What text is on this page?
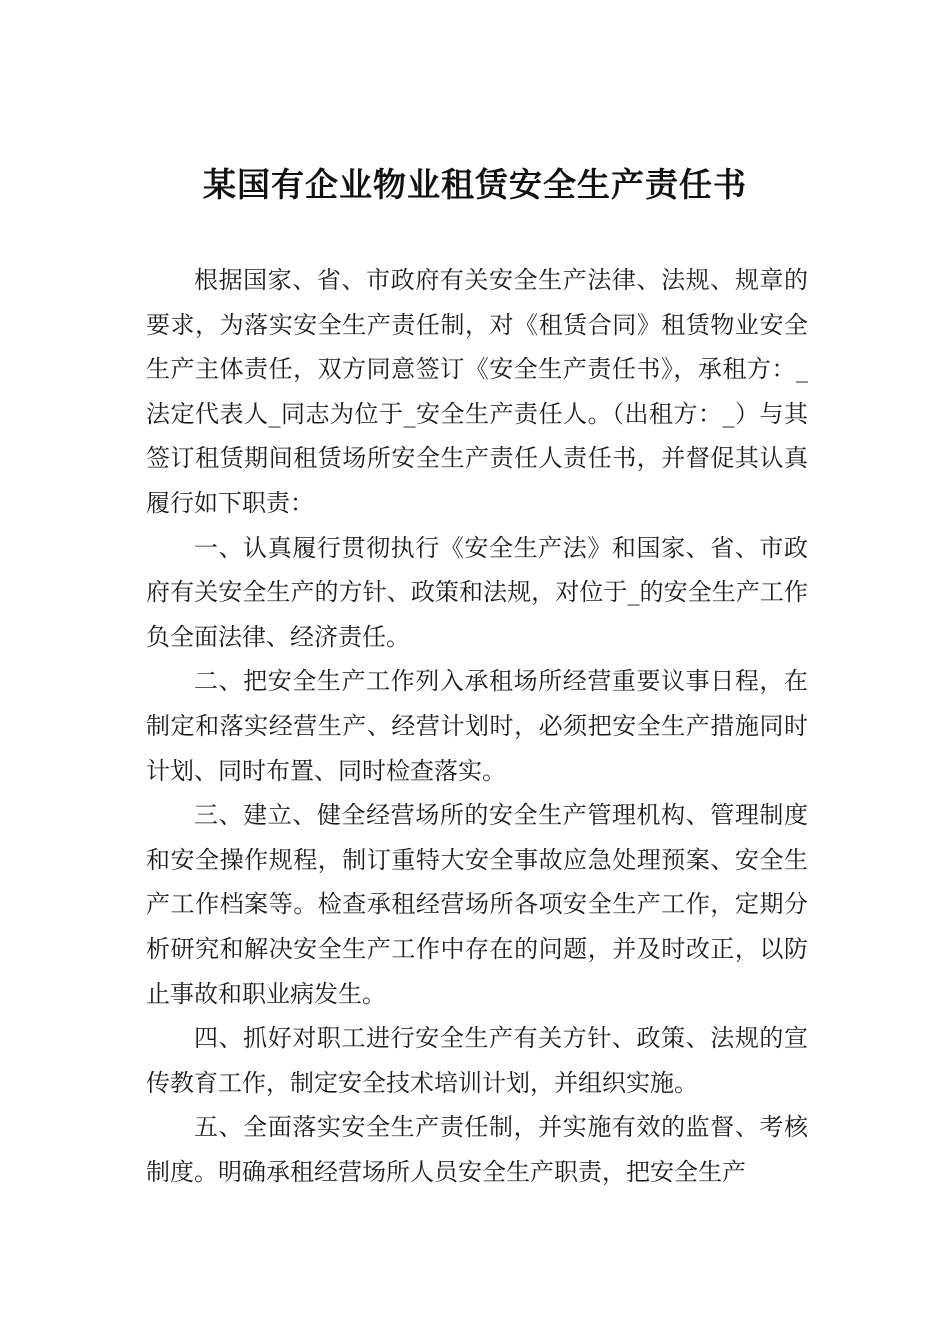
某国有企业物业租赁安全生产责任书

根据国家、省、市政府有关安全生产法律、法规、规章的要求，为落实安全生产责任制，对《租赁合同》租赁物业安全生产主体责任，双方同意签订《安全生产责任书》，承租方：_法定代表人_同志为位于_安全生产责任人。（出租方：_）与其签订租赁期间租赁场所安全生产责任人责任书，并督促其认真履行如下职责：

一、认真履行贯彻执行《安全生产法》和国家、省、市政府有关安全生产的方针、政策和法规，对位于_的安全生产工作负全面法律、经济责任。

二、把安全生产工作列入承租场所经营重要议事日程，在制定和落实经营生产、经营计划时，必须把安全生产措施同时计划、同时布置、同时检查落实。

三、建立、健全经营场所的安全生产管理机构、管理制度和安全操作规程，制订重特大安全事故应急处理预案、安全生产工作档案等。检查承租经营场所各项安全生产工作，定期分析研究和解决安全生产工作中存在的问题，并及时改正，以防止事故和职业病发生。

四、抓好对职工进行安全生产有关方针、政策、法规的宣传教育工作，制定安全技术培训计划，并组织实施。

五、全面落实安全生产责任制，并实施有效的监督、考核制度。明确承租经营场所人员安全生产职责，把安全生产
